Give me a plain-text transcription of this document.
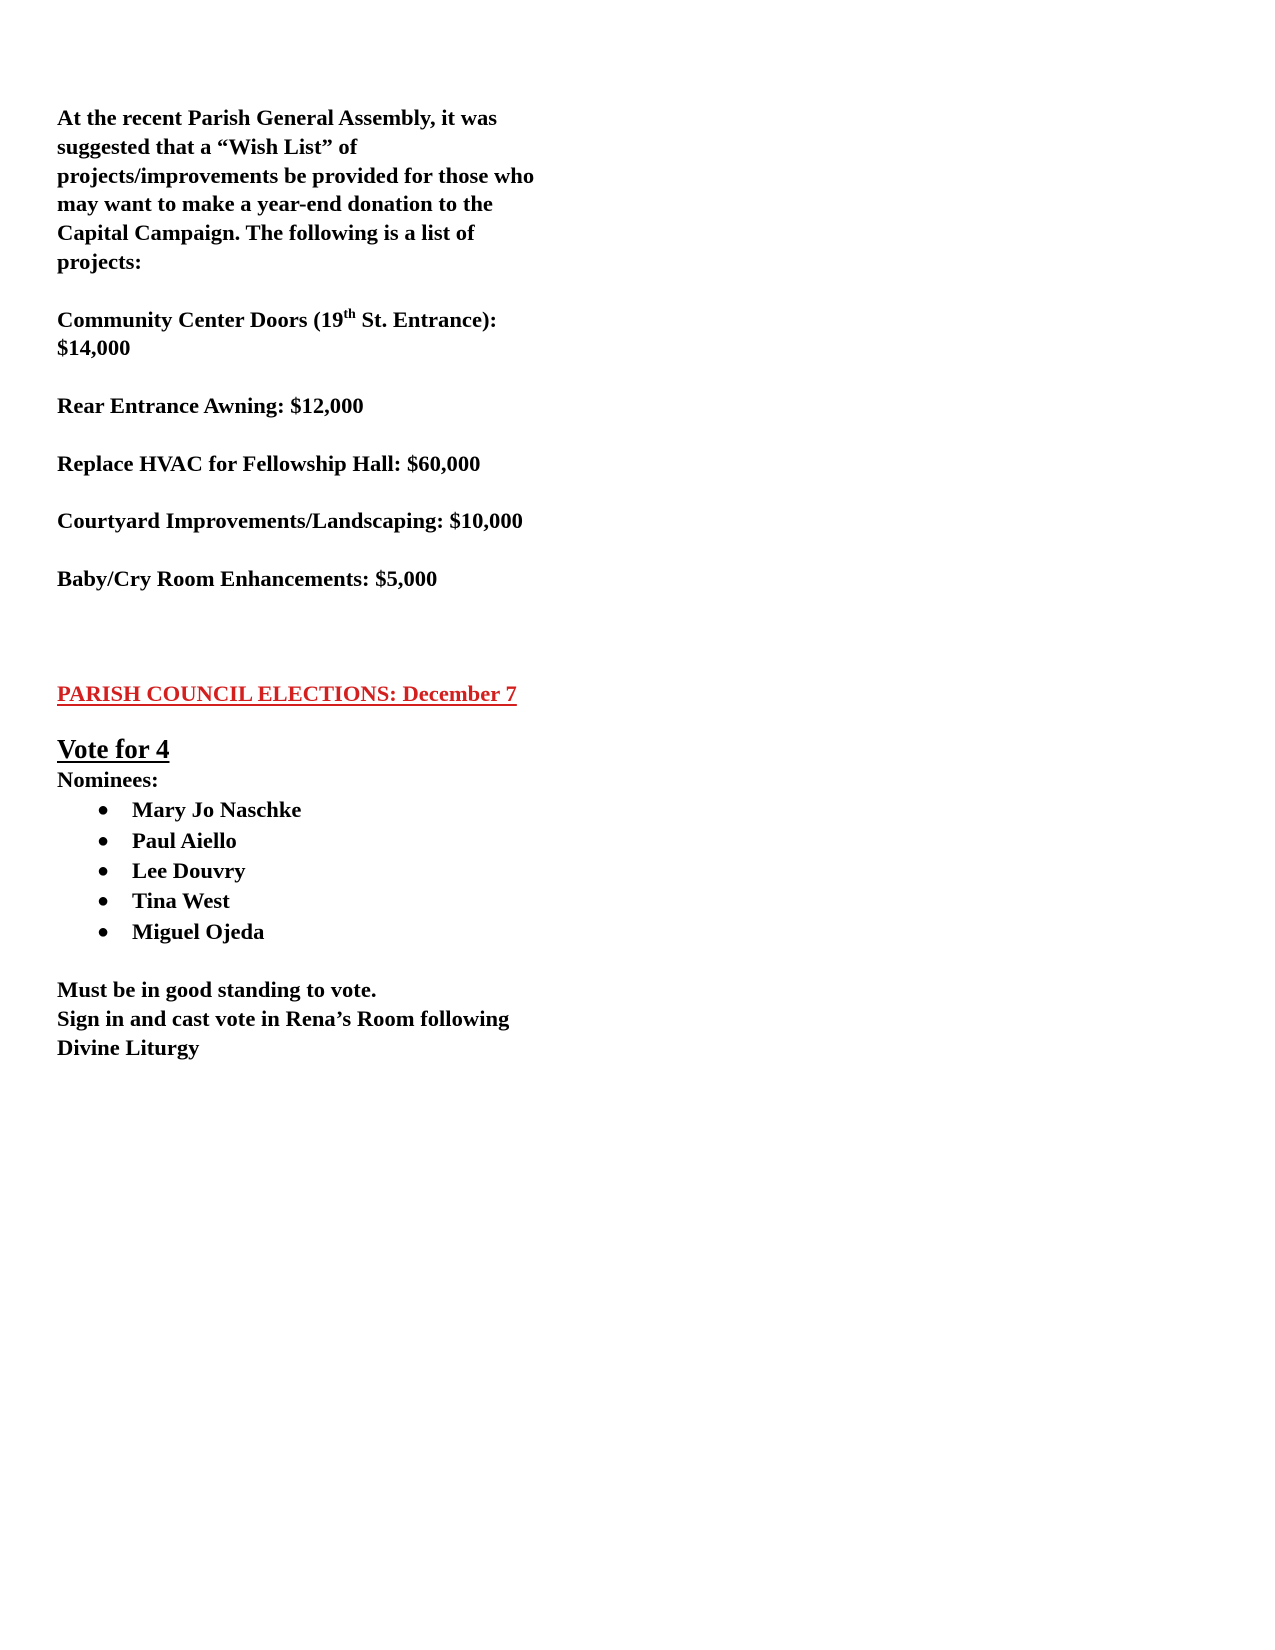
At the recent Parish General Assembly, it was

suggested that a “Wish List” of

projects/improvements be provided for those who

may want to make a year-end donation to the

Capital Campaign. The following is a list of

projects:

Community Center Doors (19th St. Entrance):

$14,000

Rear Entrance Awning: $12,000

Replace HVAC for Fellowship Hall: $60,000

Courtyard Improvements/Landscaping: $10,000

Baby/Cry Room Enhancements: $5,000

PARISH COUNCIL ELECTIONS: December 7

Vote for 4

Nominees:

● Mary Jo Naschke
● Paul Aiello
● Lee Douvry
● Tina West
● Miguel Ojeda

Must be in good standing to vote.

Sign in and cast vote in Rena’s Room following

Divine Liturgy
